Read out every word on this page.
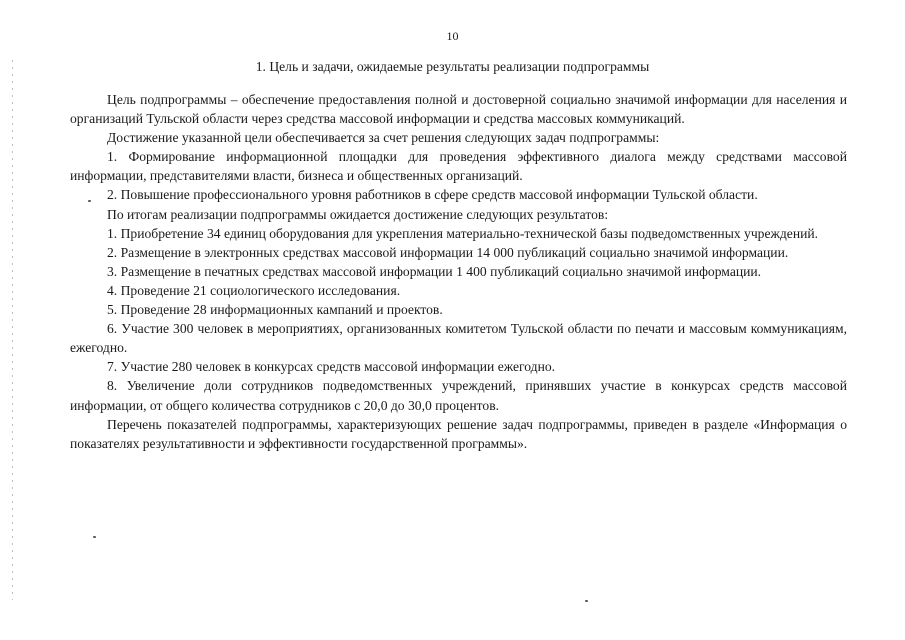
10
1. Цель и задачи, ожидаемые результаты реализации подпрограммы

Цель подпрограммы – обеспечение предоставления полной и достоверной социально значимой информации для населения и организаций Тульской области через средства массовой информации и средства массовых коммуникаций.

Достижение указанной цели обеспечивается за счет решения следующих задач подпрограммы:

1. Формирование информационной площадки для проведения эффективного диалога между средствами массовой информации, представителями власти, бизнеса и общественных организаций.

2. Повышение профессионального уровня работников в сфере средств массовой информации Тульской области.

По итогам реализации подпрограммы ожидается достижение следующих результатов:

1. Приобретение 34 единиц оборудования для укрепления материально-технической базы подведомственных учреждений.

2. Размещение в электронных средствах массовой информации 14 000 публикаций социально значимой информации.

3. Размещение в печатных средствах массовой информации 1 400 публикаций социально значимой информации.

4. Проведение 21 социологического исследования.

5. Проведение 28 информационных кампаний и проектов.

6. Участие 300 человек в мероприятиях, организованных комитетом Тульской области по печати и массовым коммуникациям, ежегодно.

7. Участие 280 человек в конкурсах средств массовой информации ежегодно.

8. Увеличение доли сотрудников подведомственных учреждений, принявших участие в конкурсах средств массовой информации, от общего количества сотрудников с 20,0 до 30,0 процентов.

Перечень показателей подпрограммы, характеризующих решение задач подпрограммы, приведен в разделе «Информация о показателях результативности и эффективности государственной программы».
